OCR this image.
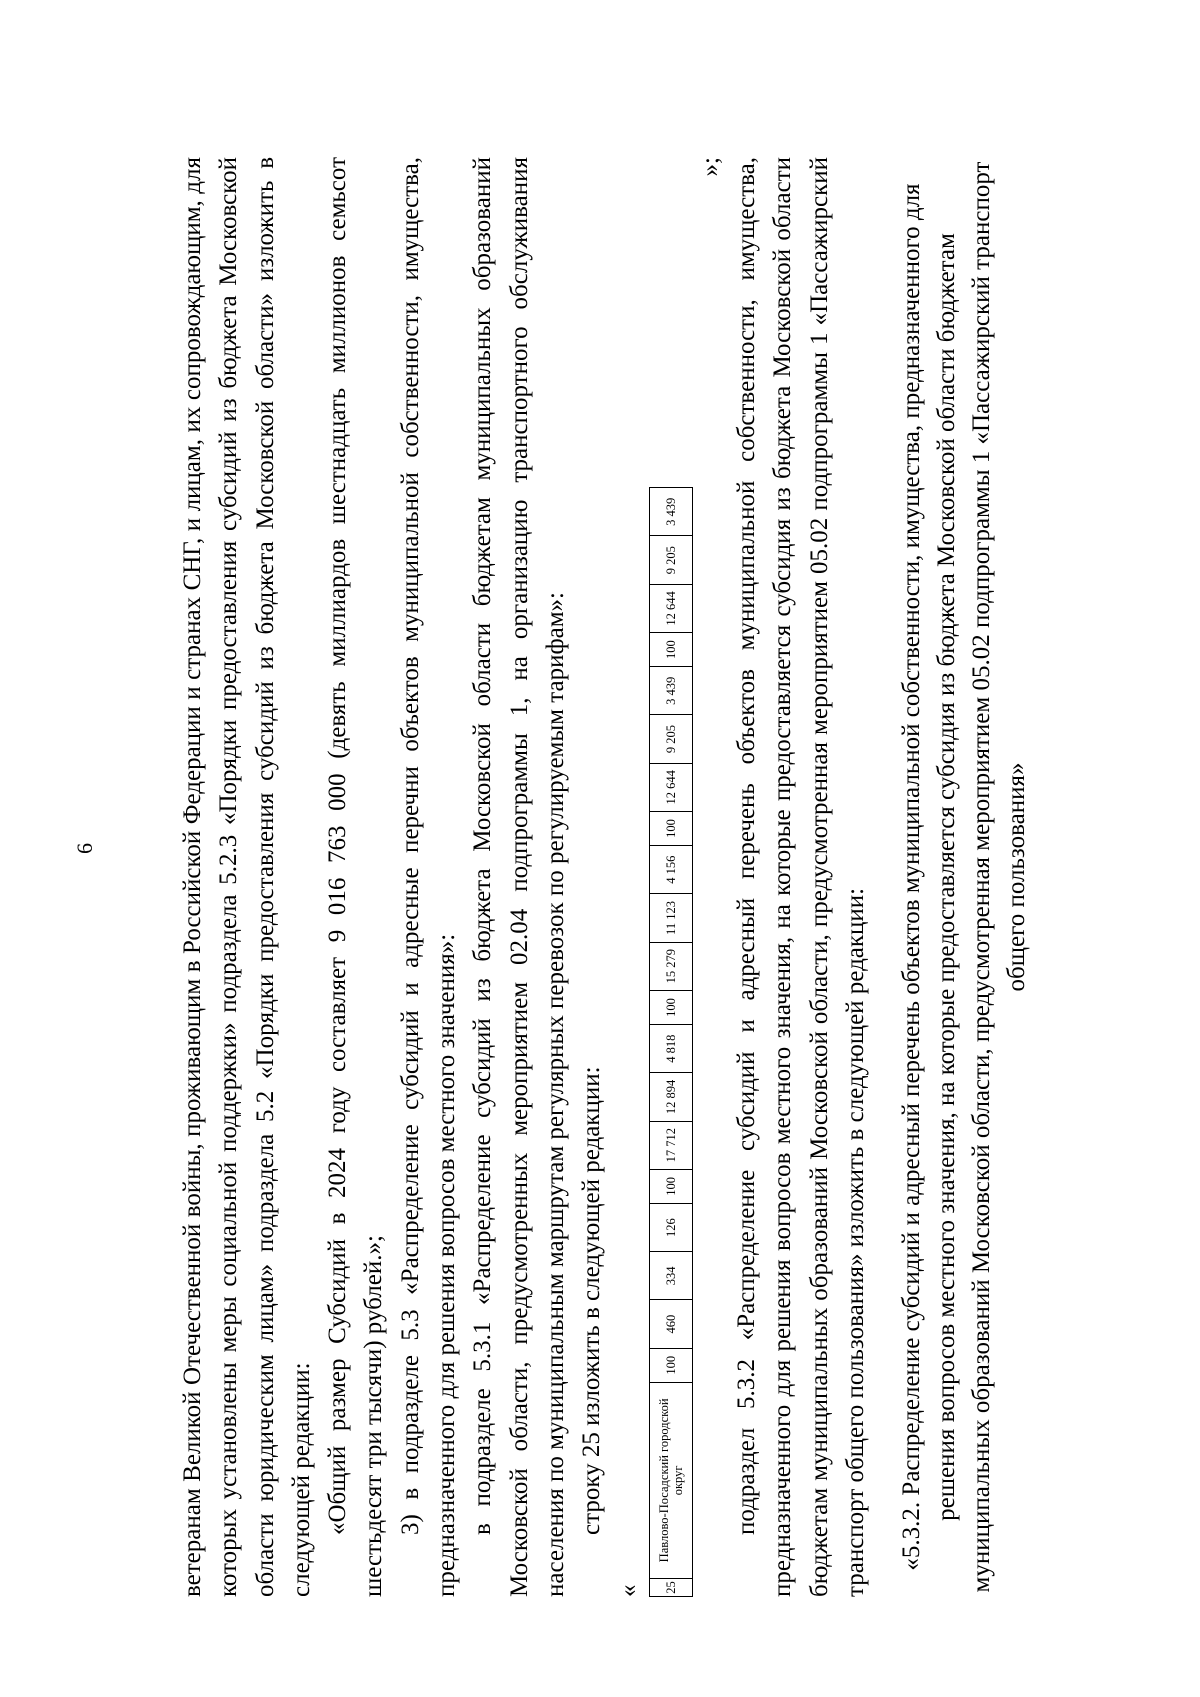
6	ветеранам Великой Отечественной войны, проживающим в Российской Федерации и странах СНГ, и лицам, их сопровождающим, для которых установлены меры социальной поддержки» подраздела 5.2.3 «Порядки предоставления субсидий из бюджета Московской области юридическим лицам» подраздела 5.2 «Порядки предоставления субсидий из бюджета Московской области» изложить в следующей редакции: «Общий размер Субсидий в 2024 году составляет 9 016 763 000 (девять миллиардов шестнадцать миллионов семьсот шестьдесят три тысячи) рублей.»; 3) в подразделе 5.3 «Распределение субсидий и адресные перечни объектов муниципальной собственности, имущества, предназначенного для решения вопросов местного значения»: в подразделе 5.3.1 «Распределение субсидий из бюджета Московской области бюджетам муниципальных образований Московской области, предусмотренных мероприятием 02.04 подпрограммы 1, на организацию транспортного обслуживания населения по муниципальным маршрутам регулярных перевозок по регулируемым тарифам»: строку 25 изложить в следующей редакции:

«	25	Павлово-Посадский городской округ	100	460	334	126	100	17 712	12 894	4 818	100	15 279	11 123	4 156	100	12 644	9 205	3 439	100	12 644	9 205	3 439

»; подраздел 5.3.2 «Распределение субсидий и адресный перечень объектов муниципальной собственности, имущества, предназначенного для решения вопросов местного значения, на которые предоставляется субсидия из бюджета Московской области бюджетам муниципальных образований Московской области, предусмотренная мероприятием 05.02 подпрограммы 1 «Пассажирский транспорт общего пользования» изложить в следующей редакции: «5.3.2. Распределение субсидий и адресный перечень объектов муниципальной собственности, имущества, предназначенного для решения вопросов местного значения, на которые предоставляется субсидия из бюджета Московской области бюджетам муниципальных образований Московской области, предусмотренная мероприятием 05.02 подпрограммы 1 «Пассажирский транспорт общего пользования»
